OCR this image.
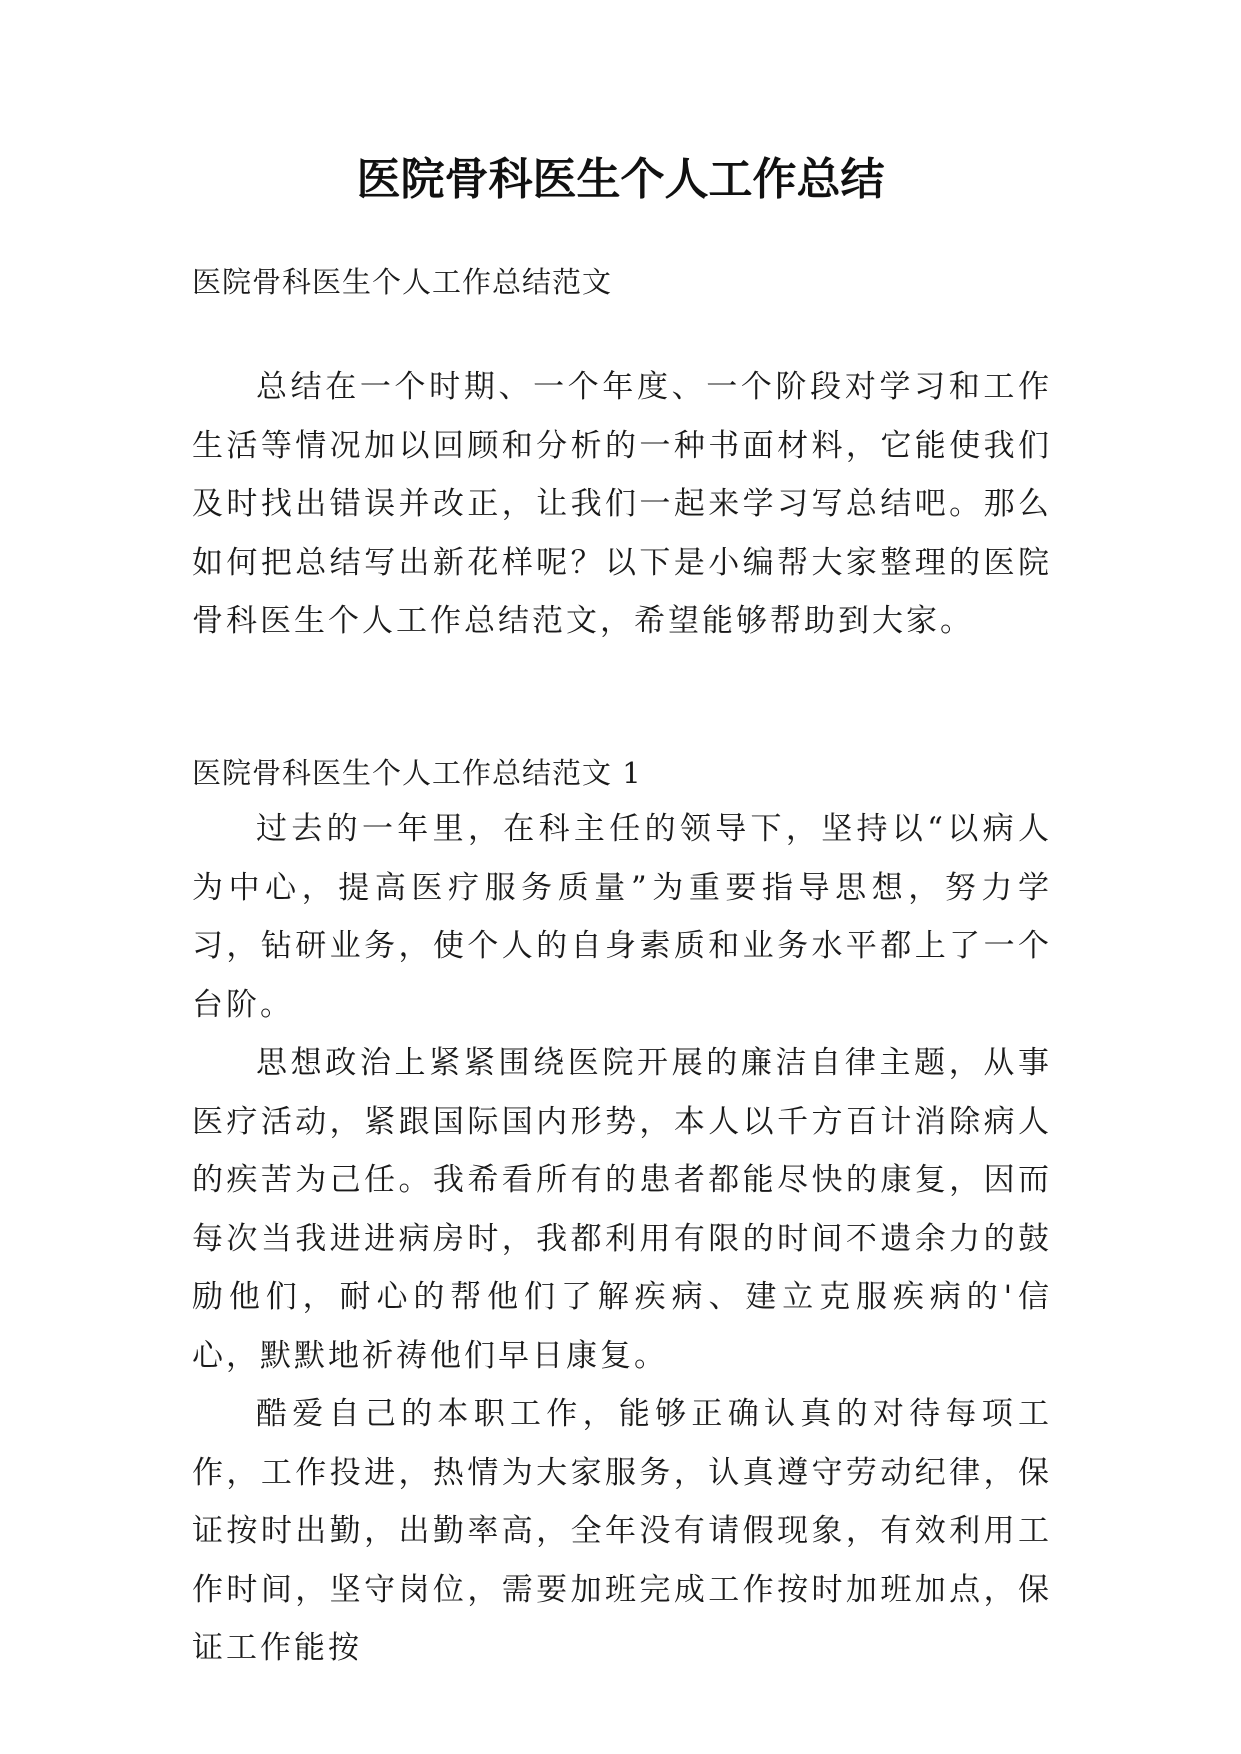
医院骨科医生个人工作总结

医院骨科医生个人工作总结范文

总结在一个时期、一个年度、一个阶段对学习和工作生活等情况加以回顾和分析的一种书面材料，它能使我们及时找出错误并改正，让我们一起来学习写总结吧。那么如何把总结写出新花样呢？以下是小编帮大家整理的医院骨科医生个人工作总结范文，希望能够帮助到大家。

医院骨科医生个人工作总结范文 1

过去的一年里，在科主任的领导下，坚持以“以病人为中心，提高医疗服务质量”为重要指导思想，努力学习，钻研业务，使个人的自身素质和业务水平都上了一个台阶。

思想政治上紧紧围绕医院开展的廉洁自律主题，从事医疗活动，紧跟国际国内形势，本人以千方百计消除病人的疾苦为己任。我希看所有的患者都能尽快的康复，因而每次当我进进病房时，我都利用有限的时间不遗余力的鼓励他们，耐心的帮他们了解疾病、建立克服疾病的'信心，默默地祈祷他们早日康复。

酷爱自己的本职工作，能够正确认真的对待每项工作，工作投进，热情为大家服务，认真遵守劳动纪律，保证按时出勤，出勤率高，全年没有请假现象，有效利用工作时间，坚守岗位，需要加班完成工作按时加班加点，保证工作能按
